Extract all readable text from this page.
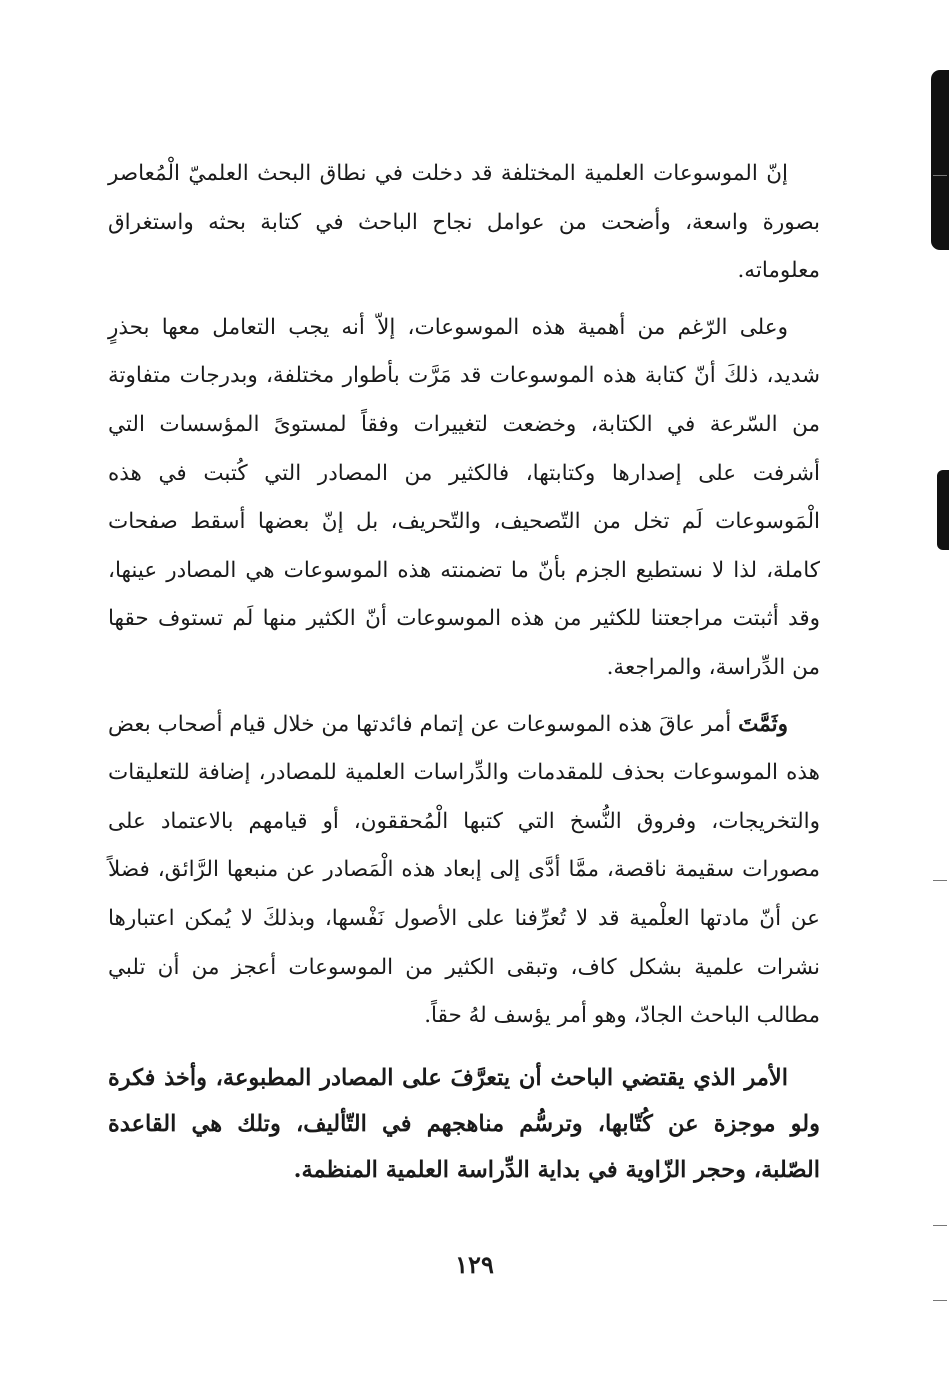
إنّ الموسوعات العلمية المختلفة قد دخلت في نطاق البحث العلميّ الْمُعاصر بصورة واسعة، وأضحت من عوامل نجاح الباحث في كتابة بحثه واستغراق معلوماته.

وعلى الرّغم من أهمية هذه الموسوعات، إلاّ أنه يجب التعامل معها بحذرٍ شديد، ذلكَ أنّ كتابة هذه الموسوعات قد مَرَّت بأطوار مختلفة، وبدرجات متفاوتة من السّرعة في الكتابة، وخضعت لتغييرات وفقاً لمستوىً المؤسسات التي أشرفت على إصدارها وكتابتها، فالكثير من المصادر التي كُتبت في هذه الْمَوسوعات لَم تخل من التّصحيف، والتّحريف، بل إنّ بعضها أسقط صفحات كاملة، لذا لا نستطيع الجزم بأنّ ما تضمنته هذه الموسوعات هي المصادر عينها، وقد أثبتت مراجعتنا للكثير من هذه الموسوعات أنّ الكثير منها لَم تستوف حقها من الدِّراسة، والمراجعة.

وثَمَّتَ أمر عاقَ هذه الموسوعات عن إتمام فائدتها من خلال قيام أصحاب بعض هذه الموسوعات بحذف للمقدمات والدِّراسات العلمية للمصادر، إضافة للتعليقات والتخريجات، وفروق النُّسخ التي كتبها الْمُحققون، أو قيامهم بالاعتماد على مصورات سقيمة ناقصة، ممَّا أدَّى إلى إبعاد هذه الْمَصادر عن منبعها الرَّائق، فضلاً عن أنّ مادتها العلْمية قد لا تُعرِّفنا على الأصول نَفْسها، وبذلكَ لا يُمكن اعتبارها نشرات علمية بشكل كاف، وتبقى الكثير من الموسوعات أعجز من أن تلبي مطالب الباحث الجادّ، وهو أمر يؤسف لهُ حقاً.

الأمر الذي يقتضي الباحث أن يتعرَّفَ على المصادر المطبوعة، وأخذ فكرة ولو موجزة عن كُتّابها، وترسُّم مناهجهم في التّأليف، وتلك هي القاعدة الصّلبة، وحجر الزّاوية في بداية الدِّراسة العلمية المنظمة.

١٢٩
